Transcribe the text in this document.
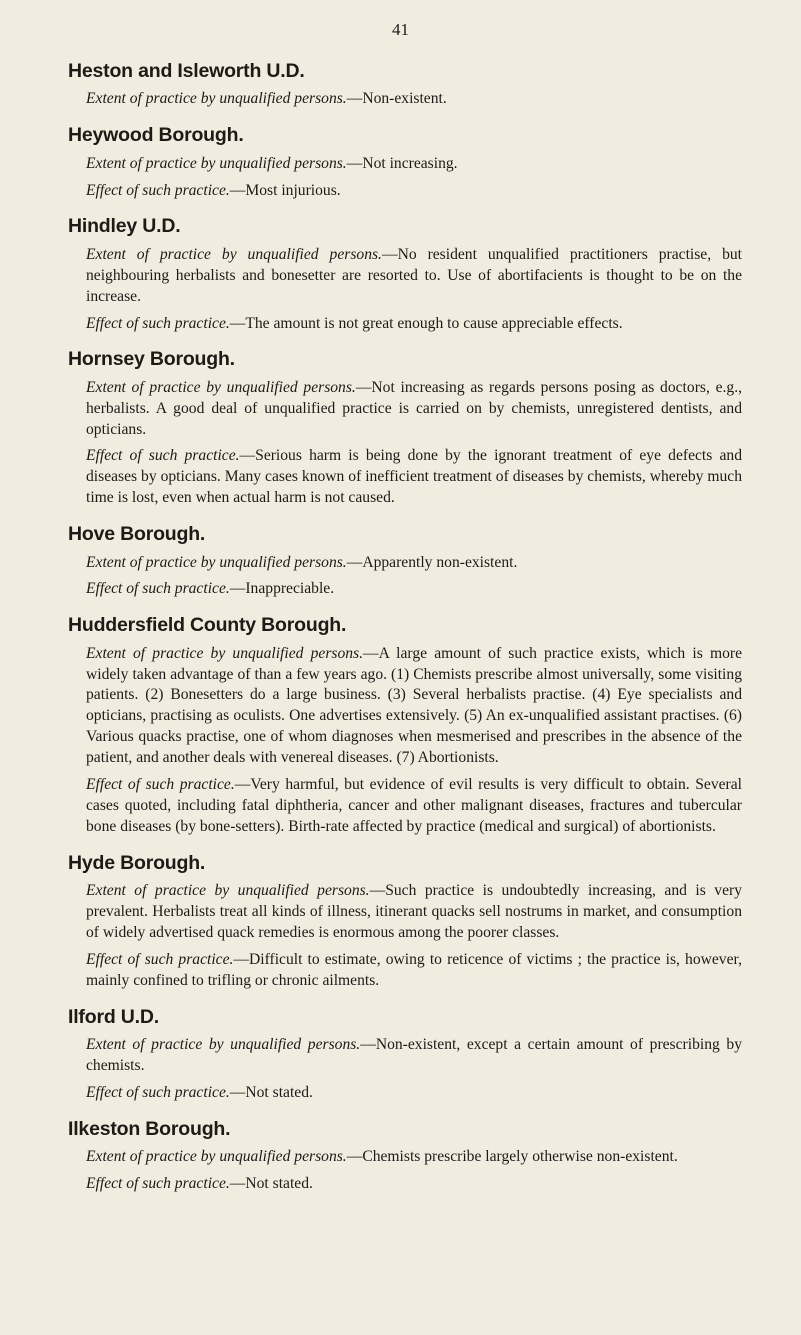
41
Heston and Isleworth U.D.

Extent of practice by unqualified persons.—Non-existent.

Heywood Borough.

Extent of practice by unqualified persons.—Not increasing.

Effect of such practice.—Most injurious.

Hindley U.D.

Extent of practice by unqualified persons.—No resident unqualified practitioners practise, but neighbouring herbalists and bonesetter are resorted to. Use of abortifacients is thought to be on the increase.

Effect of such practice.—The amount is not great enough to cause appreciable effects.

Hornsey Borough.

Extent of practice by unqualified persons.—Not increasing as regards persons posing as doctors, e.g., herbalists. A good deal of unqualified practice is carried on by chemists, unregistered dentists, and opticians.

Effect of such practice.—Serious harm is being done by the ignorant treatment of eye defects and diseases by opticians. Many cases known of inefficient treatment of diseases by chemists, whereby much time is lost, even when actual harm is not caused.

Hove Borough.

Extent of practice by unqualified persons.—Apparently non-existent.

Effect of such practice.—Inappreciable.

Huddersfield County Borough.

Extent of practice by unqualified persons.—A large amount of such practice exists, which is more widely taken advantage of than a few years ago. (1) Chemists prescribe almost universally, some visiting patients. (2) Bonesetters do a large business. (3) Several herbalists practise. (4) Eye specialists and opticians, practising as oculists. One advertises extensively. (5) An ex-unqualified assistant practises. (6) Various quacks practise, one of whom diagnoses when mesmerised and prescribes in the absence of the patient, and another deals with venereal diseases. (7) Abortionists.

Effect of such practice.—Very harmful, but evidence of evil results is very difficult to obtain. Several cases quoted, including fatal diphtheria, cancer and other malignant diseases, fractures and tubercular bone diseases (by bone-setters). Birth-rate affected by practice (medical and surgical) of abortionists.

Hyde Borough.

Extent of practice by unqualified persons.—Such practice is undoubtedly increasing, and is very prevalent. Herbalists treat all kinds of illness, itinerant quacks sell nostrums in market, and consumption of widely advertised quack remedies is enormous among the poorer classes.

Effect of such practice.—Difficult to estimate, owing to reticence of victims ; the practice is, however, mainly confined to trifling or chronic ailments.

Ilford U.D.

Extent of practice by unqualified persons.—Non-existent, except a certain amount of prescribing by chemists.

Effect of such practice.—Not stated.

Ilkeston Borough.

Extent of practice by unqualified persons.—Chemists prescribe largely otherwise non-existent.

Effect of such practice.—Not stated.
